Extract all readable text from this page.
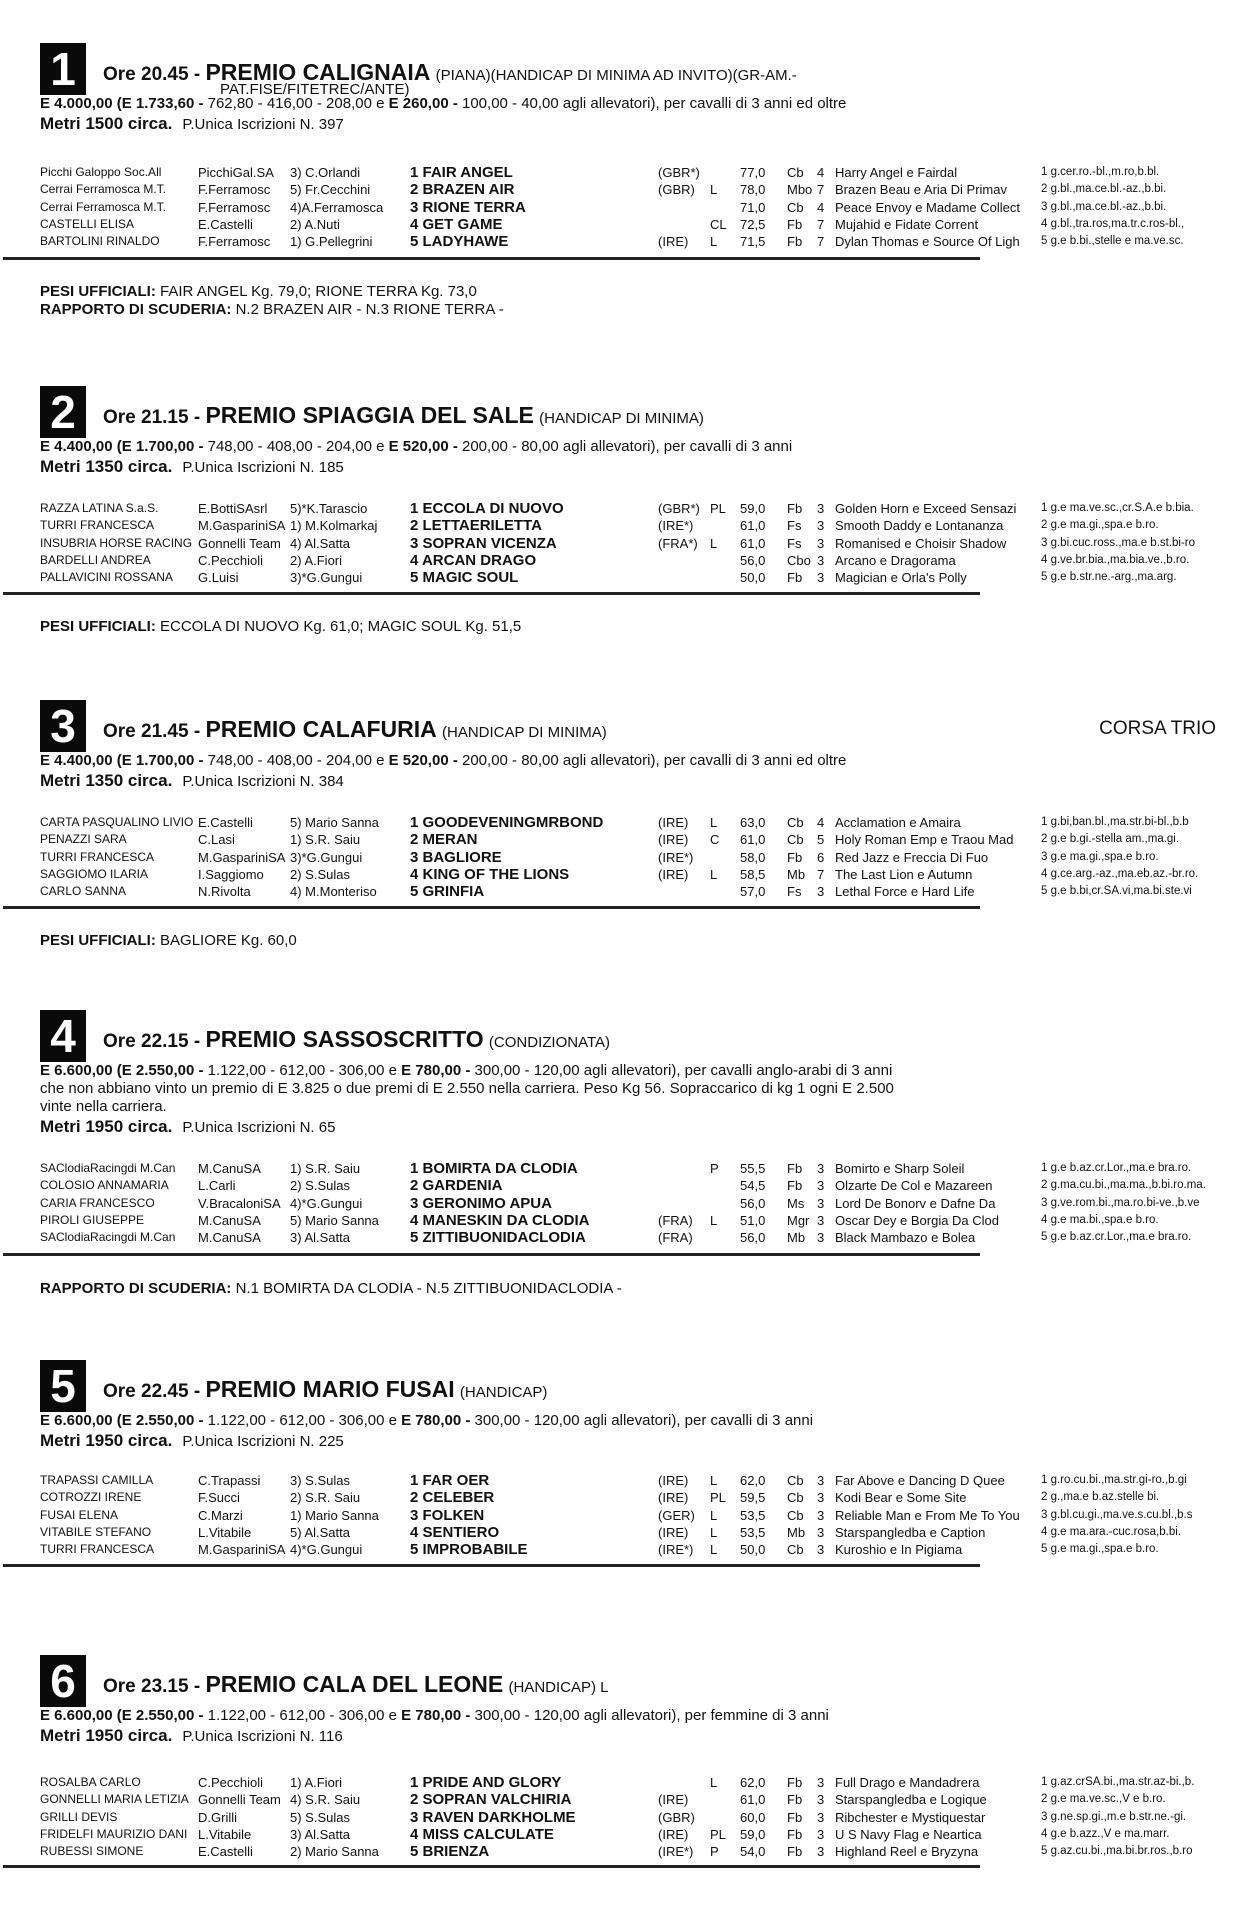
1	Ore 20.45 - PREMIO CALIGNAIA (PIANA)(HANDICAP DI MINIMA AD INVITO)(GR-AM.-
PAT.FISE/FITETREC/ANTE)
E 4.000,00 (E 1.733,60 - 762,80 - 416,00 - 208,00 e E 260,00 - 100,00 - 40,00 agli allevatori), per cavalli di 3 anni ed oltre
Metri 1500 circa. P.Unica Iscrizioni N. 397
Picchi Galoppo Soc.All	PicchiGal.SA	3) C.Orlandi	1 FAIR ANGEL	(GBR*)		77,0	Cb	4	Harry Angel e Fairdal	1 g.cer.ro.-bl.,m.ro,b.bl.
Cerrai Ferramosca M.T.	F.Ferramosc	5) Fr.Cecchini	2 BRAZEN AIR	(GBR)	L	78,0	Mbo	7	Brazen Beau e Aria Di Primav	2 g.bl.,ma.ce.bl.-az.,b.bi.
Cerrai Ferramosca M.T.	F.Ferramosc	4)A.Ferramosca	3 RIONE TERRA			71,0	Cb	4	Peace Envoy e Madame Collect	3 g.bl.,ma.ce.bl.-az.,b.bi.
CASTELLI ELISA	E.Castelli	2) A.Nuti	4 GET GAME		CL	72,5	Fb	7	Mujahid e Fidate Corrent	4 g.bl.,tra.ros,ma.tr.c.ros-bl.,
BARTOLINI RINALDO	F.Ferramosc	1) G.Pellegrini	5 LADYHAWE	(IRE)	L	71,5	Fb	7	Dylan Thomas e Source Of Ligh	5 g.e b.bi.,stelle e ma.ve.sc.
PESI UFFICIALI: FAIR ANGEL Kg. 79,0; RIONE TERRA Kg. 73,0
RAPPORTO DI SCUDERIA: N.2 BRAZEN AIR - N.3 RIONE TERRA -
2	Ore 21.15 - PREMIO SPIAGGIA DEL SALE (HANDICAP DI MINIMA)
E 4.400,00 (E 1.700,00 - 748,00 - 408,00 - 204,00 e E 520,00 - 200,00 - 80,00 agli allevatori), per cavalli di 3 anni
Metri 1350 circa. P.Unica Iscrizioni N. 185
RAZZA LATINA S.a.S.	E.BottiSAsrl	5)*K.Tarascio	1 ECCOLA DI NUOVO	(GBR*)	PL	59,0	Fb	3	Golden Horn e Exceed Sensazi	1 g.e ma.ve.sc.,cr.S.A.e b.bia.
TURRI FRANCESCA	M.GaspariniSA	1) M.Kolmarkaj	2 LETTAERILETTA	(IRE*)		61,0	Fs	3	Smooth Daddy e Lontananza	2 g.e ma.gi.,spa.e b.ro.
INSUBRIA HORSE RACING	Gonnelli Team	4) Al.Satta	3 SOPRAN VICENZA	(FRA*)	L	61,0	Fs	3	Romanised e Choisir Shadow	3 g.bi.cuc.ross.,ma.e b.st.bi-ro
BARDELLI ANDREA	C.Pecchioli	2) A.Fiori	4 ARCAN DRAGO			56,0	Cbo	3	Arcano e Dragorama	4 g.ve.br.bia.,ma.bia.ve.,b.ro.
PALLAVICINI ROSSANA	G.Luisi	3)*G.Gungui	5 MAGIC SOUL			50,0	Fb	3	Magician e Orla's Polly	5 g.e b.str.ne.-arg.,ma.arg.
PESI UFFICIALI: ECCOLA DI NUOVO Kg. 61,0; MAGIC SOUL Kg. 51,5
3	Ore 21.45 - PREMIO CALAFURIA (HANDICAP DI MINIMA)	CORSA TRIO
E 4.400,00 (E 1.700,00 - 748,00 - 408,00 - 204,00 e E 520,00 - 200,00 - 80,00 agli allevatori), per cavalli di 3 anni ed oltre
Metri 1350 circa. P.Unica Iscrizioni N. 384
CARTA PASQUALINO LIVIO	E.Castelli	5) Mario Sanna	1 GOODEVENINGMRBOND	(IRE)	L	63,0	Cb	4	Acclamation e Amaira	1 g.bi,ban.bl.,ma.str.bi-bl.,b.b
PENAZZI SARA	C.Lasi	1) S.R. Saiu	2 MERAN	(IRE)	C	61,0	Cb	5	Holy Roman Emp e Traou Mad	2 g.e b.gi.-stella am.,ma.gi.
TURRI FRANCESCA	M.GaspariniSA	3)*G.Gungui	3 BAGLIORE	(IRE*)		58,0	Fb	6	Red Jazz e Freccia Di Fuo	3 g.e ma.gi.,spa.e b.ro.
SAGGIOMO ILARIA	I.Saggiomo	2) S.Sulas	4 KING OF THE LIONS	(IRE)	L	58,5	Mb	7	The Last Lion e Autumn	4 g.ce.arg.-az.,ma.eb.az.-br.ro.
CARLO SANNA	N.Rivolta	4) M.Monteriso	5 GRINFIA			57,0	Fs	3	Lethal Force e Hard Life	5 g.e b.bi,cr.SA.vi,ma.bi.ste.vi
PESI UFFICIALI: BAGLIORE Kg. 60,0
4	Ore 22.15 - PREMIO SASSOSCRITTO (CONDIZIONATA)
E 6.600,00 (E 2.550,00 - 1.122,00 - 612,00 - 306,00 e E 780,00 - 300,00 - 120,00 agli allevatori), per cavalli anglo-arabi di 3 anni
che non abbiano vinto un premio di E 3.825 o due premi di E 2.550 nella carriera. Peso Kg 56. Sopraccarico di kg 1 ogni E 2.500
vinte nella carriera.
Metri 1950 circa. P.Unica Iscrizioni N. 65
SAClodiaRacingdi M.Can	M.CanuSA	1) S.R. Saiu	1 BOMIRTA DA CLODIA		P	55,5	Fb	3	Bomirto e Sharp Soleil	1 g.e b.az.cr.Lor.,ma.e bra.ro.
COLOSIO ANNAMARIA	L.Carli	2) S.Sulas	2 GARDENIA			54,5	Fb	3	Olzarte De Col e Mazareen	2 g.ma.cu.bi.,ma.ma.,b.bi.ro.ma.
CARIA FRANCESCO	V.BracaloniSA	4)*G.Gungui	3 GERONIMO APUA			56,0	Ms	3	Lord De Bonorv e Dafne Da	3 g.ve.rom.bi.,ma.ro.bi-ve.,b.ve
PIROLI GIUSEPPE	M.CanuSA	5) Mario Sanna	4 MANESKIN DA CLODIA	(FRA)	L	51,0	Mgr	3	Oscar Dey e Borgia Da Clod	4 g.e ma.bi.,spa.e b.ro.
SAClodiaRacingdi M.Can	M.CanuSA	3) Al.Satta	5 ZITTIBUONIDACLODIA	(FRA)		56,0	Mb	3	Black Mambazo e Bolea	5 g.e b.az.cr.Lor.,ma.e bra.ro.
RAPPORTO DI SCUDERIA: N.1 BOMIRTA DA CLODIA - N.5 ZITTIBUONIDACLODIA -
5	Ore 22.45 - PREMIO MARIO FUSAI (HANDICAP)
E 6.600,00 (E 2.550,00 - 1.122,00 - 612,00 - 306,00 e E 780,00 - 300,00 - 120,00 agli allevatori), per cavalli di 3 anni
Metri 1950 circa. P.Unica Iscrizioni N. 225
TRAPASSI CAMILLA	C.Trapassi	3) S.Sulas	1 FAR OER	(IRE)	L	62,0	Cb	3	Far Above e Dancing D Quee	1 g.ro.cu.bi.,ma.str.gi-ro.,b.gi
COTROZZI IRENE	F.Succi	2) S.R. Saiu	2 CELEBER	(IRE)	PL	59,5	Cb	3	Kodi Bear e Some Site	2 g.,ma.e b.az.stelle bi.
FUSAI ELENA	C.Marzi	1) Mario Sanna	3 FOLKEN	(GER)	L	53,5	Cb	3	Reliable Man e From Me To You	3 g.bl.cu.gi.,ma.ve.s.cu.bl.,b.s
VITABILE STEFANO	L.Vitabile	5) Al.Satta	4 SENTIERO	(IRE)	L	53,5	Mb	3	Starspangledba e Caption	4 g.e ma.ara.-cuc.rosa,b.bi.
TURRI FRANCESCA	M.GaspariniSA	4)*G.Gungui	5 IMPROBABILE	(IRE*)	L	50,0	Cb	3	Kuroshio e In Pigiama	5 g.e ma.gi.,spa.e b.ro.
6	Ore 23.15 - PREMIO CALA DEL LEONE (HANDICAP) L
E 6.600,00 (E 2.550,00 - 1.122,00 - 612,00 - 306,00 e E 780,00 - 300,00 - 120,00 agli allevatori), per femmine di 3 anni
Metri 1950 circa. P.Unica Iscrizioni N. 116
ROSALBA CARLO	C.Pecchioli	1) A.Fiori	1 PRIDE AND GLORY		L	62,0	Fb	3	Full Drago e Mandadrera	1 g.az.crSA.bi.,ma.str.az-bi.,b.
GONNELLI MARIA LETIZIA	Gonnelli Team	4) S.R. Saiu	2 SOPRAN VALCHIRIA	(IRE)		61,0	Fb	3	Starspangledba e Logique	2 g.e ma.ve.sc.,V e b.ro.
GRILLI DEVIS	D.Grilli	5) S.Sulas	3 RAVEN DARKHOLME	(GBR)		60,0	Fb	3	Ribchester e Mystiquestar	3 g.ne.sp.gi.,m.e b.str.ne.-gi.
FRIDELFI MAURIZIO DANI	L.Vitabile	3) Al.Satta	4 MISS CALCULATE	(IRE)	PL	59,0	Fb	3	U S Navy Flag e Neartica	4 g.e b.azz.,V e ma.marr.
RUBESSI SIMONE	E.Castelli	2) Mario Sanna	5 BRIENZA	(IRE*)	P	54,0	Fb	3	Highland Reel e Bryzyna	5 g.az.cu.bi.,ma.bi.br.ros.,b.ro
